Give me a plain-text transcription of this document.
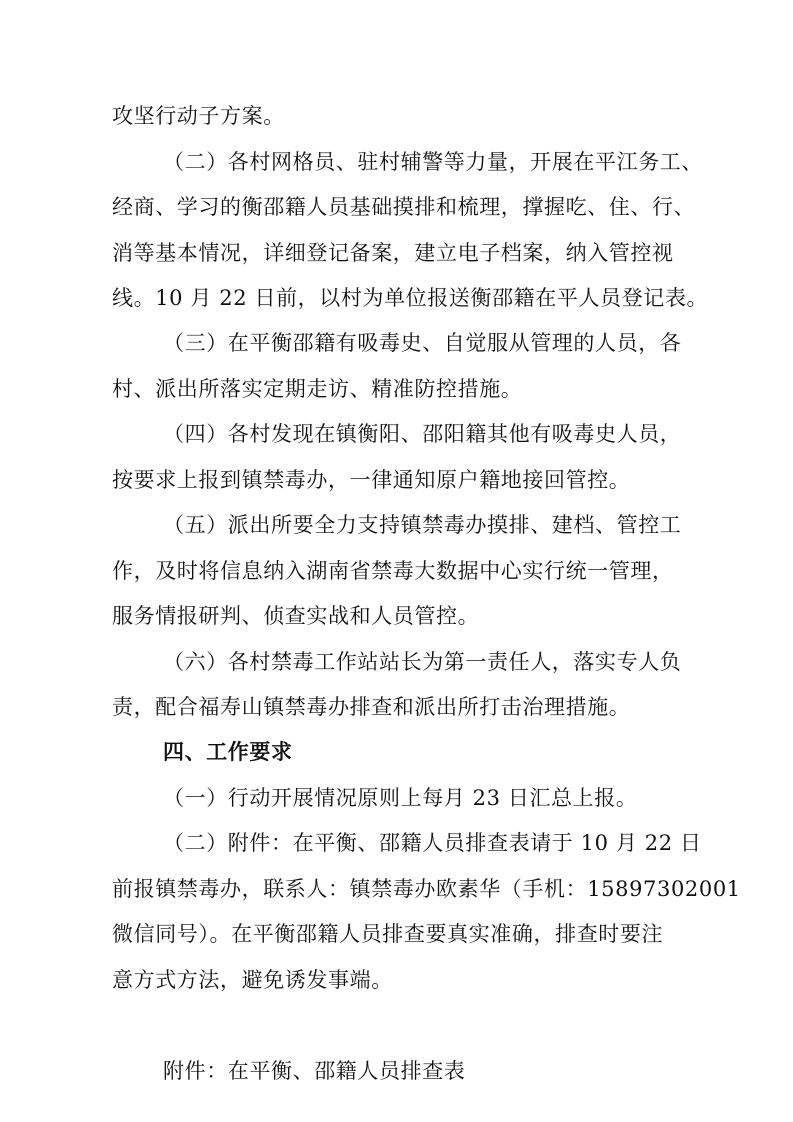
攻坚行动子方案。
（二）各村网格员、驻村辅警等力量，开展在平江务工、
经商、学习的衡邵籍人员基础摸排和梳理，撑握吃、住、行、
消等基本情况，详细登记备案，建立电子档案，纳入管控视
线。10 月 22 日前，以村为单位报送衡邵籍在平人员登记表。
（三）在平衡邵籍有吸毒史、自觉服从管理的人员，各
村、派出所落实定期走访、精准防控措施。
（四）各村发现在镇衡阳、邵阳籍其他有吸毒史人员，
按要求上报到镇禁毒办，一律通知原户籍地接回管控。
（五）派出所要全力支持镇禁毒办摸排、建档、管控工
作，及时将信息纳入湖南省禁毒大数据中心实行统一管理，
服务情报研判、侦查实战和人员管控。
（六）各村禁毒工作站站长为第一责任人，落实专人负
责，配合福寿山镇禁毒办排查和派出所打击治理措施。
四、工作要求
（一）行动开展情况原则上每月 23 日汇总上报。
（二）附件：在平衡、邵籍人员排查表请于 10 月 22 日
前报镇禁毒办，联系人：镇禁毒办欧素华（手机：15897302001
微信同号）。在平衡邵籍人员排查要真实准确，排查时要注
意方式方法，避免诱发事端。
附件：在平衡、邵籍人员排查表
